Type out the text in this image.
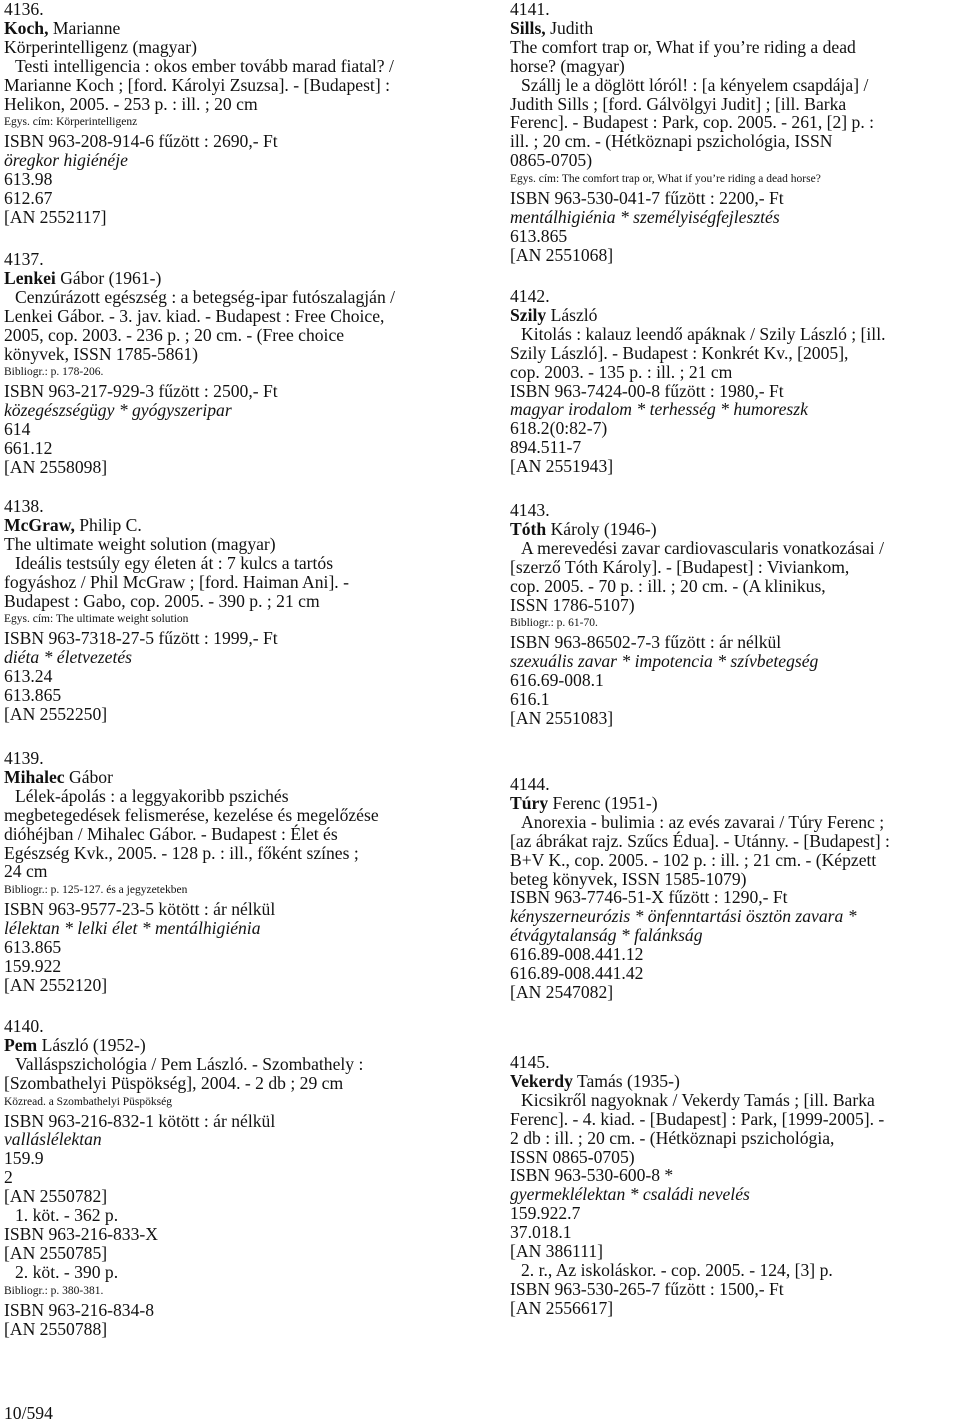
4136.
Koch, Marianne
Körperintelligenz (magyar)
Testi intelligencia : okos ember tovább marad fiatal? /
Marianne Koch ; [ford. Károlyi Zsuzsa]. - [Budapest] :
Helikon, 2005. - 253 p. : ill. ; 20 cm
Egys. cím: Körperintelligenz
ISBN 963-208-914-6 fűzött : 2690,- Ft
öregkor higiénéje
613.98
612.67
[AN 2552117]
4137.
Lenkei Gábor (1961-)
Cenzúrázott egészség : a betegség-ipar futószalagján /
Lenkei Gábor. - 3. jav. kiad. - Budapest : Free Choice,
2005, cop. 2003. - 236 p. ; 20 cm. - (Free choice
könyvek, ISSN 1785-5861)
Bibliogr.: p. 178-206.
ISBN 963-217-929-3 fűzött : 2500,- Ft
közegészségügy * gyógyszeripar
614
661.12
[AN 2558098]
4138.
McGraw, Philip C.
The ultimate weight solution (magyar)
Ideális testsúly egy életen át : 7 kulcs a tartós
fogyáshoz / Phil McGraw ; [ford. Haiman Ani]. -
Budapest : Gabo, cop. 2005. - 390 p. ; 21 cm
Egys. cím: The ultimate weight solution
ISBN 963-7318-27-5 fűzött : 1999,- Ft
diéta * életvezetés
613.24
613.865
[AN 2552250]
4139.
Mihalec Gábor
Lélek-ápolás : a leggyakoribb pszichés
megbetegedések felismerése, kezelése és megelőzése
dióhéjban / Mihalec Gábor. - Budapest : Élet és
Egészség Kvk., 2005. - 128 p. : ill., főként színes ;
24 cm
Bibliogr.: p. 125-127. és a jegyzetekben
ISBN 963-9577-23-5 kötött : ár nélkül
lélektan * lelki élet * mentálhigiénia
613.865
159.922
[AN 2552120]
4140.
Pem László (1952-)
Valláspszichológia / Pem László. - Szombathely :
[Szombathelyi Püspökség], 2004. - 2 db ; 29 cm
Közread. a Szombathelyi Püspökség
ISBN 963-216-832-1 kötött : ár nélkül
valláslélektan
159.9
2
[AN 2550782]
1. köt. - 362 p.
ISBN 963-216-833-X
[AN 2550785]
2. köt. - 390 p.
Bibliogr.: p. 380-381.
ISBN 963-216-834-8
[AN 2550788]
4141.
Sills, Judith
The comfort trap or, What if you’re riding a dead
horse? (magyar)
Szállj le a döglött lóról! : [a kényelem csapdája] /
Judith Sills ; [ford. Gálvölgyi Judit] ; [ill. Barka
Ferenc]. - Budapest : Park, cop. 2005. - 261, [2] p. :
ill. ; 20 cm. - (Hétköznapi pszichológia, ISSN
0865-0705)
Egys. cím: The comfort trap or, What if you’re riding a dead horse?
ISBN 963-530-041-7 fűzött : 2200,- Ft
mentálhigiénia * személyiségfejlesztés
613.865
[AN 2551068]
4142.
Szily László
Kitolás : kalauz leendő apáknak / Szily László ; [ill.
Szily László]. - Budapest : Konkrét Kv., [2005],
cop. 2003. - 135 p. : ill. ; 21 cm
ISBN 963-7424-00-8 fűzött : 1980,- Ft
magyar irodalom * terhesség * humoreszk
618.2(0:82-7)
894.511-7
[AN 2551943]
4143.
Tóth Károly (1946-)
A merevedési zavar cardiovascularis vonatkozásai /
[szerző Tóth Károly]. - [Budapest] : Viviankom,
cop. 2005. - 70 p. : ill. ; 20 cm. - (A klinikus,
ISSN 1786-5107)
Bibliogr.: p. 61-70.
ISBN 963-86502-7-3 fűzött : ár nélkül
szexuális zavar * impotencia * szívbetegség
616.69-008.1
616.1
[AN 2551083]
4144.
Túry Ferenc (1951-)
Anorexia - bulimia : az evés zavarai / Túry Ferenc ;
[az ábrákat rajz. Szűcs Édua]. - Utánny. - [Budapest] :
B+V K., cop. 2005. - 102 p. : ill. ; 21 cm. - (Képzett
beteg könyvek, ISSN 1585-1079)
ISBN 963-7746-51-X fűzött : 1290,- Ft
kényszerneurózis * önfenntartási ösztön zavara *
étvágytalanság * falánkság
616.89-008.441.12
616.89-008.441.42
[AN 2547082]
4145.
Vekerdy Tamás (1935-)
Kicsikről nagyoknak / Vekerdy Tamás ; [ill. Barka
Ferenc]. - 4. kiad. - [Budapest] : Park, [1999-2005]. -
2 db : ill. ; 20 cm. - (Hétköznapi pszichológia,
ISSN 0865-0705)
ISBN 963-530-600-8 *
gyermeklélektan * családi nevelés
159.922.7
37.018.1
[AN 386111]
2. r., Az iskoláskor. - cop. 2005. - 124, [3] p.
ISBN 963-530-265-7 fűzött : 1500,- Ft
[AN 2556617]
10/594
